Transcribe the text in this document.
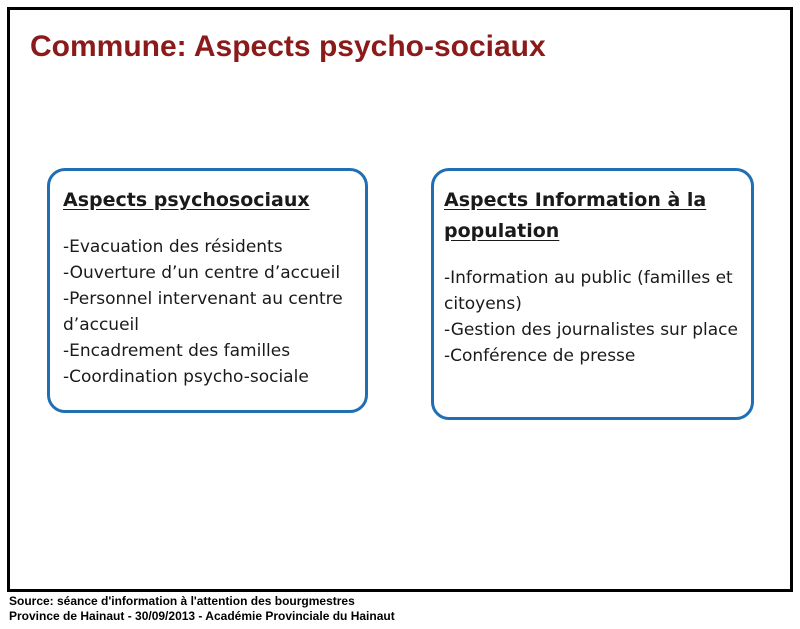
Commune: Aspects psycho-sociaux
Aspects psychosociaux
-Evacuation des résidents
-Ouverture d’un centre d’accueil
-Personnel intervenant au centre d’accueil
-Encadrement des familles
-Coordination psycho-sociale
Aspects Information à la population
-Information au public (familles et citoyens)
-Gestion des journalistes sur place
-Conférence de presse
Source: séance d'information à l'attention des bourgmestres
Province de Hainaut - 30/09/2013 - Académie Provinciale du Hainaut
